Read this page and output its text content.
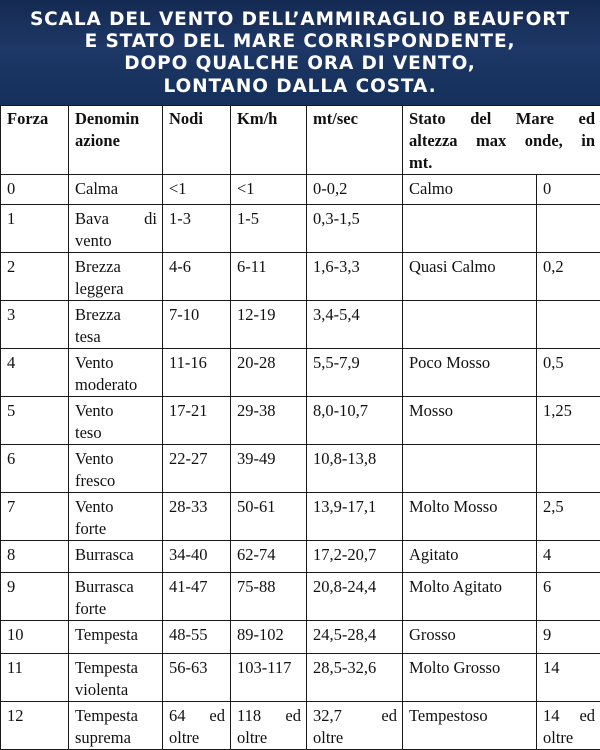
SCALA DEL VENTO DELL’AMMIRAGLIO BEAUFORT
E STATO DEL MARE CORRISPONDENTE,
DOPO QUALCHE ORA DI VENTO,
LONTANO DALLA COSTA.
Forza	Denomin
azione	Nodi	Km/h	mt/sec	Stato del Mare ed
altezza max onde, in
mt.	

0	Calma	<1	<1	0-0,2	Calmo	0
1	Bava di
vento	1-3	1-5	0,3-1,5		
2	Brezza
leggera	4-6	6-11	1,6-3,3	Quasi Calmo	0,2
3	Brezza
tesa	7-10	12-19	3,4-5,4		
4	Vento
moderato	11-16	20-28	5,5-7,9	Poco Mosso	0,5
5	Vento
teso	17-21	29-38	8,0-10,7	Mosso	1,25
6	Vento
fresco	22-27	39-49	10,8-13,8		
7	Vento
forte	28-33	50-61	13,9-17,1	Molto Mosso	2,5
8	Burrasca	34-40	62-74	17,2-20,7	Agitato	4
9	Burrasca
forte	41-47	75-88	20,8-24,4	Molto Agitato	6
10	Tempesta	48-55	89-102	24,5-28,4	Grosso	9
11	Tempesta
violenta	56-63	103-117	28,5-32,6	Molto Grosso	14
12	Tempesta
suprema	64 ed
oltre	118 ed
oltre	32,7 ed
oltre	Tempestoso	14 ed
oltre
